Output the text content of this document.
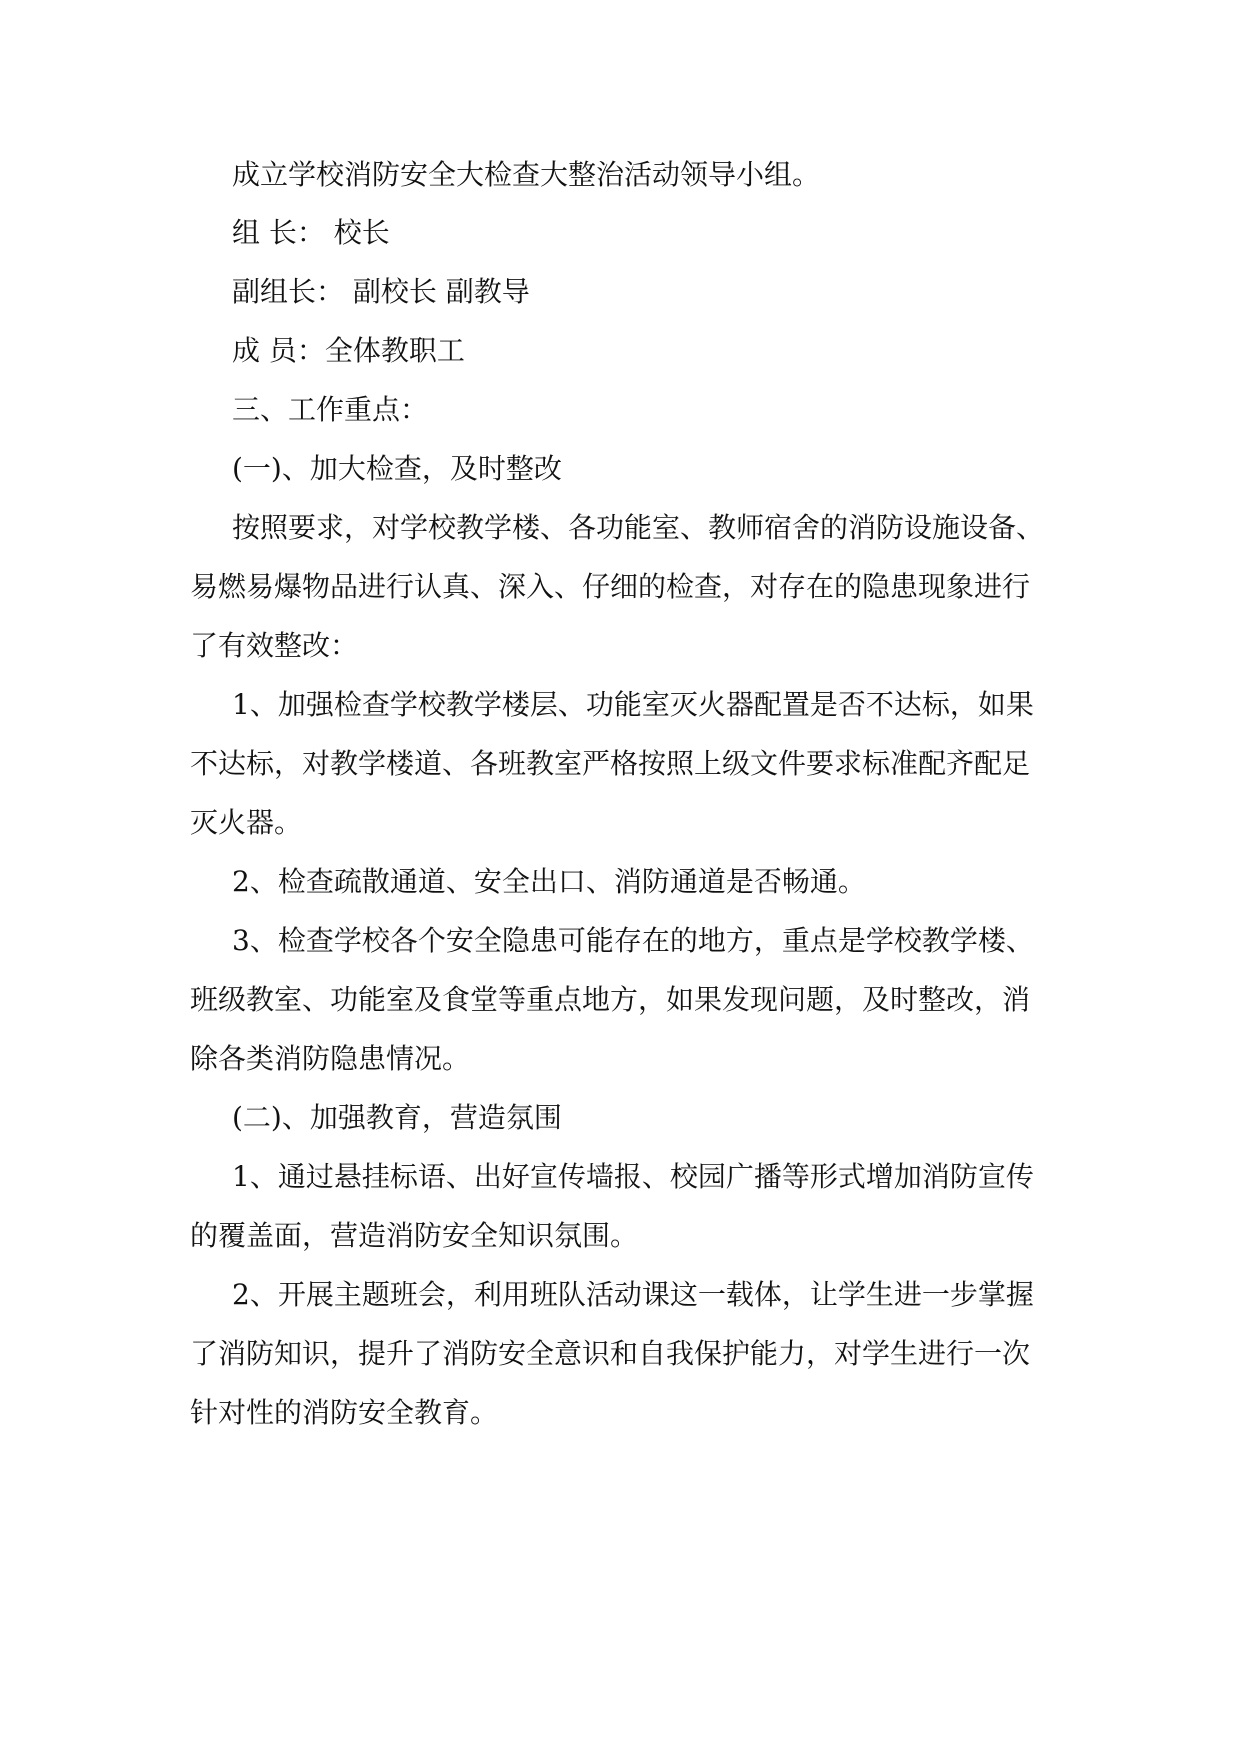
成立学校消防安全大检查大整治活动领导小组。
组 长： 校长
副组长： 副校长 副教导
成 员：全体教职工
三、工作重点：
(一)、加大检查，及时整改
按照要求，对学校教学楼、各功能室、教师宿舍的消防设施设备、
易燃易爆物品进行认真、深入、仔细的检查，对存在的隐患现象进行
了有效整改：
1、加强检查学校教学楼层、功能室灭火器配置是否不达标，如果
不达标，对教学楼道、各班教室严格按照上级文件要求标准配齐配足
灭火器。
2、检查疏散通道、安全出口、消防通道是否畅通。
3、检查学校各个安全隐患可能存在的地方，重点是学校教学楼、
班级教室、功能室及食堂等重点地方，如果发现问题，及时整改，消
除各类消防隐患情况。
(二)、加强教育，营造氛围
1、通过悬挂标语、出好宣传墙报、校园广播等形式增加消防宣传
的覆盖面，营造消防安全知识氛围。
2、开展主题班会，利用班队活动课这一载体，让学生进一步掌握
了消防知识，提升了消防安全意识和自我保护能力，对学生进行一次
针对性的消防安全教育。
